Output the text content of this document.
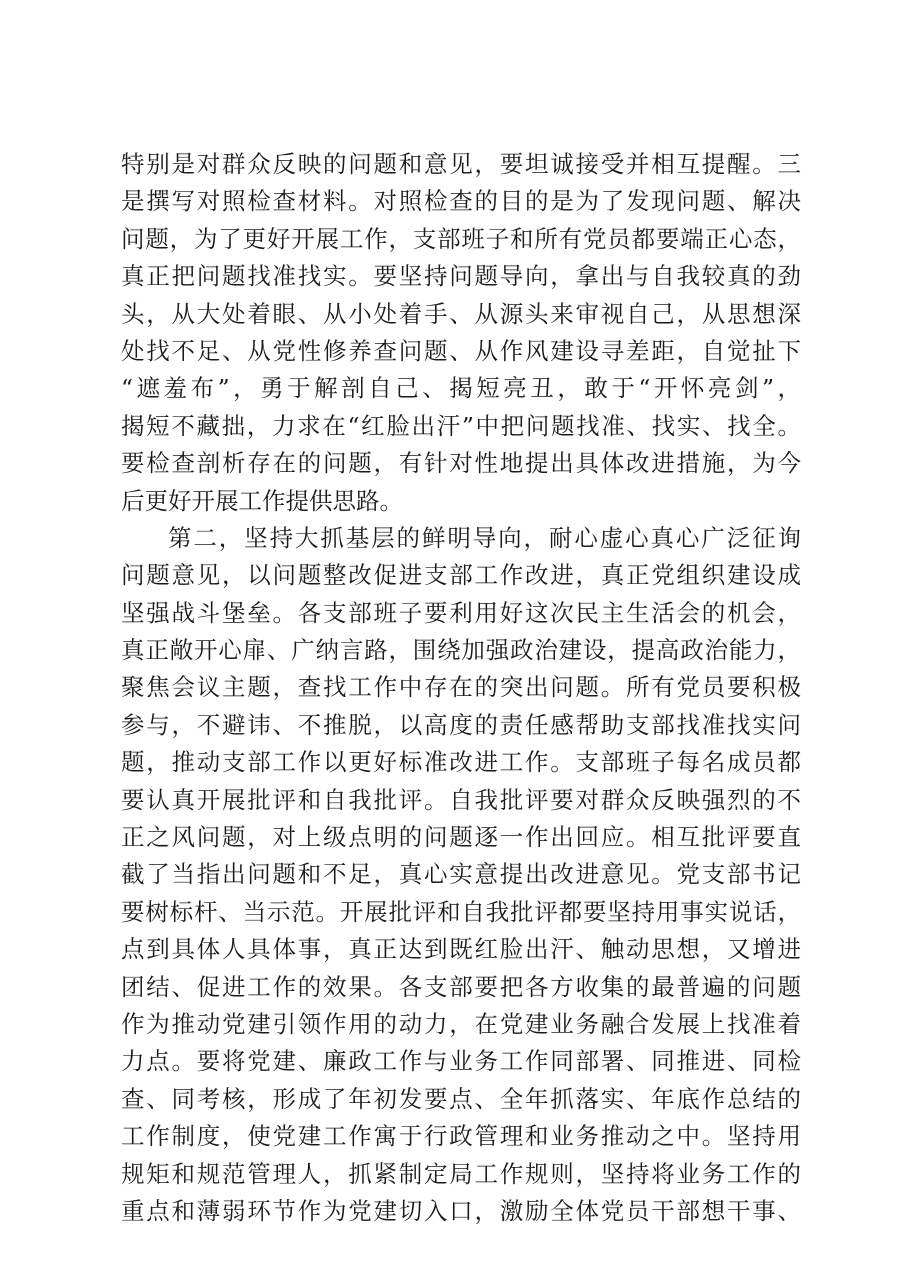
特别是对群众反映的问题和意见，要坦诚接受并相互提醒。三
是撰写对照检查材料。对照检查的目的是为了发现问题、解决
问题，为了更好开展工作，支部班子和所有党员都要端正心态，
真正把问题找准找实。要坚持问题导向，拿出与自我较真的劲
头，从大处着眼、从小处着手、从源头来审视自己，从思想深
处找不足、从党性修养查问题、从作风建设寻差距，自觉扯下
“遮羞布”，勇于解剖自己、揭短亮丑，敢于“开怀亮剑”，
揭短不藏拙，力求在“红脸出汗”中把问题找准、找实、找全。
要检查剖析存在的问题，有针对性地提出具体改进措施，为今
后更好开展工作提供思路。
第二，坚持大抓基层的鲜明导向，耐心虚心真心广泛征询
问题意见，以问题整改促进支部工作改进，真正党组织建设成
坚强战斗堡垒。各支部班子要利用好这次民主生活会的机会，
真正敞开心扉、广纳言路，围绕加强政治建设，提高政治能力，
聚焦会议主题，查找工作中存在的突出问题。所有党员要积极
参与，不避讳、不推脱，以高度的责任感帮助支部找准找实问
题，推动支部工作以更好标准改进工作。支部班子每名成员都
要认真开展批评和自我批评。自我批评要对群众反映强烈的不
正之风问题，对上级点明的问题逐一作出回应。相互批评要直
截了当指出问题和不足，真心实意提出改进意见。党支部书记
要树标杆、当示范。开展批评和自我批评都要坚持用事实说话，
点到具体人具体事，真正达到既红脸出汗、触动思想，又增进
团结、促进工作的效果。各支部要把各方收集的最普遍的问题
作为推动党建引领作用的动力，在党建业务融合发展上找准着
力点。要将党建、廉政工作与业务工作同部署、同推进、同检
查、同考核，形成了年初发要点、全年抓落实、年底作总结的
工作制度，使党建工作寓于行政管理和业务推动之中。坚持用
规矩和规范管理人，抓紧制定局工作规则，坚持将业务工作的
重点和薄弱环节作为党建切入口，激励全体党员干部想干事、
